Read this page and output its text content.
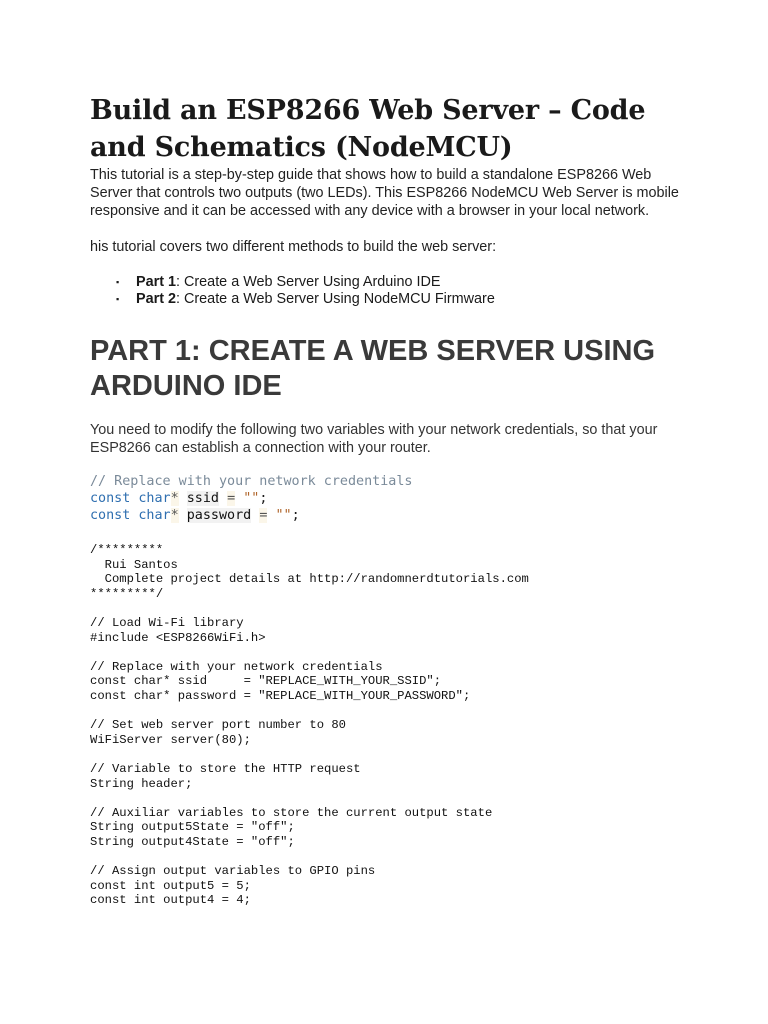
Build an ESP8266 Web Server – Code and Schematics (NodeMCU)

This tutorial is a step-by-step guide that shows how to build a standalone ESP8266 Web Server that controls two outputs (two LEDs). This ESP8266 NodeMCU Web Server is mobile responsive and it can be accessed with any device with a browser in your local network.

his tutorial covers two different methods to build the web server:

▪ Part 1: Create a Web Server Using Arduino IDE
▪ Part 2: Create a Web Server Using NodeMCU Firmware
PART 1: CREATE A WEB SERVER USING ARDUINO IDE

You need to modify the following two variables with your network credentials, so that your ESP8266 can establish a connection with your router.

// Replace with your network credentials
const char* ssid = "";
const char* password = "";
/*********
Rui Santos
Complete project details at http://randomnerdtutorials.com
*********/
// Load Wi-Fi library
#include <ESP8266WiFi.h>
// Replace with your network credentials
const char* ssid     = "REPLACE_WITH_YOUR_SSID";
const char* password = "REPLACE_WITH_YOUR_PASSWORD";
// Set web server port number to 80
WiFiServer server(80);
// Variable to store the HTTP request
String header;
// Auxiliar variables to store the current output state
String output5State = "off";
String output4State = "off";
// Assign output variables to GPIO pins
const int output5 = 5;
const int output4 = 4;
